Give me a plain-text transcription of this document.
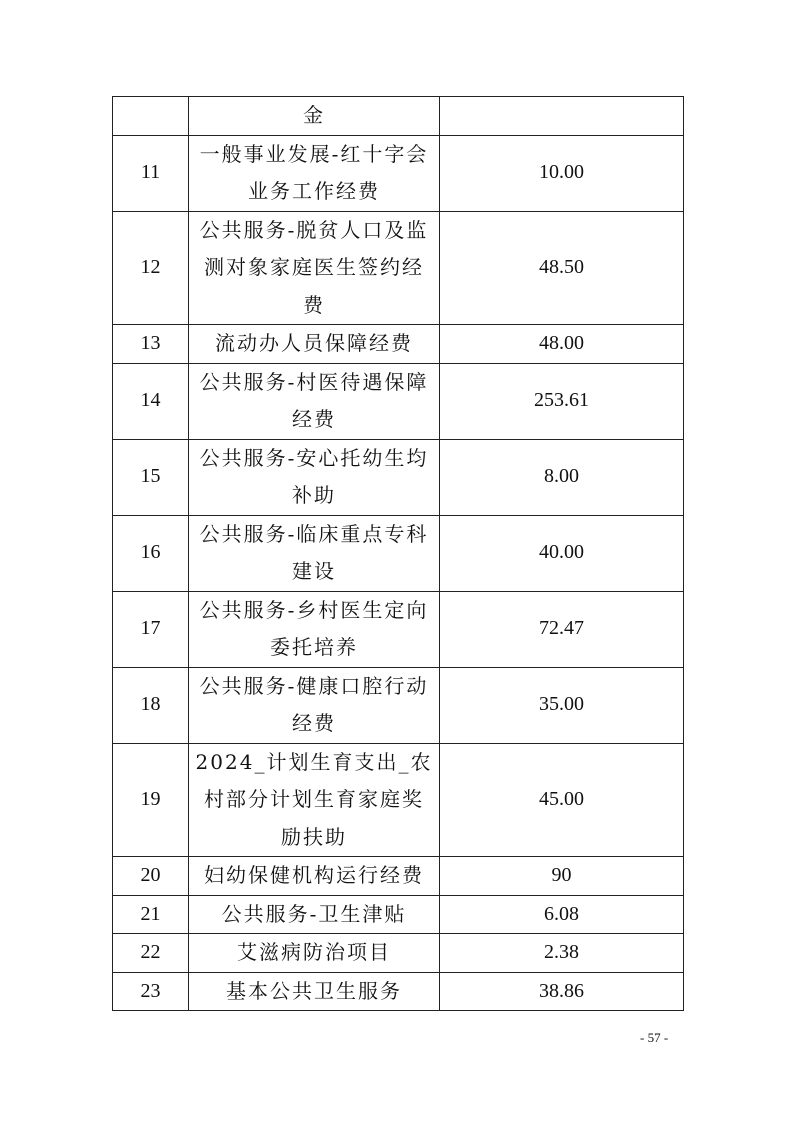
	金	
11	一般事业发展-红十字会业务工作经费	10.00
12	公共服务-脱贫人口及监测对象家庭医生签约经费	48.50
13	流动办人员保障经费	48.00
14	公共服务-村医待遇保障经费	253.61
15	公共服务-安心托幼生均补助	8.00
16	公共服务-临床重点专科建设	40.00
17	公共服务-乡村医生定向委托培养	72.47
18	公共服务-健康口腔行动经费	35.00
19	2024_计划生育支出_农村部分计划生育家庭奖励扶助	45.00
20	妇幼保健机构运行经费	90
21	公共服务-卫生津贴	6.08
22	艾滋病防治项目	2.38
23	基本公共卫生服务	38.86
- 57 -
